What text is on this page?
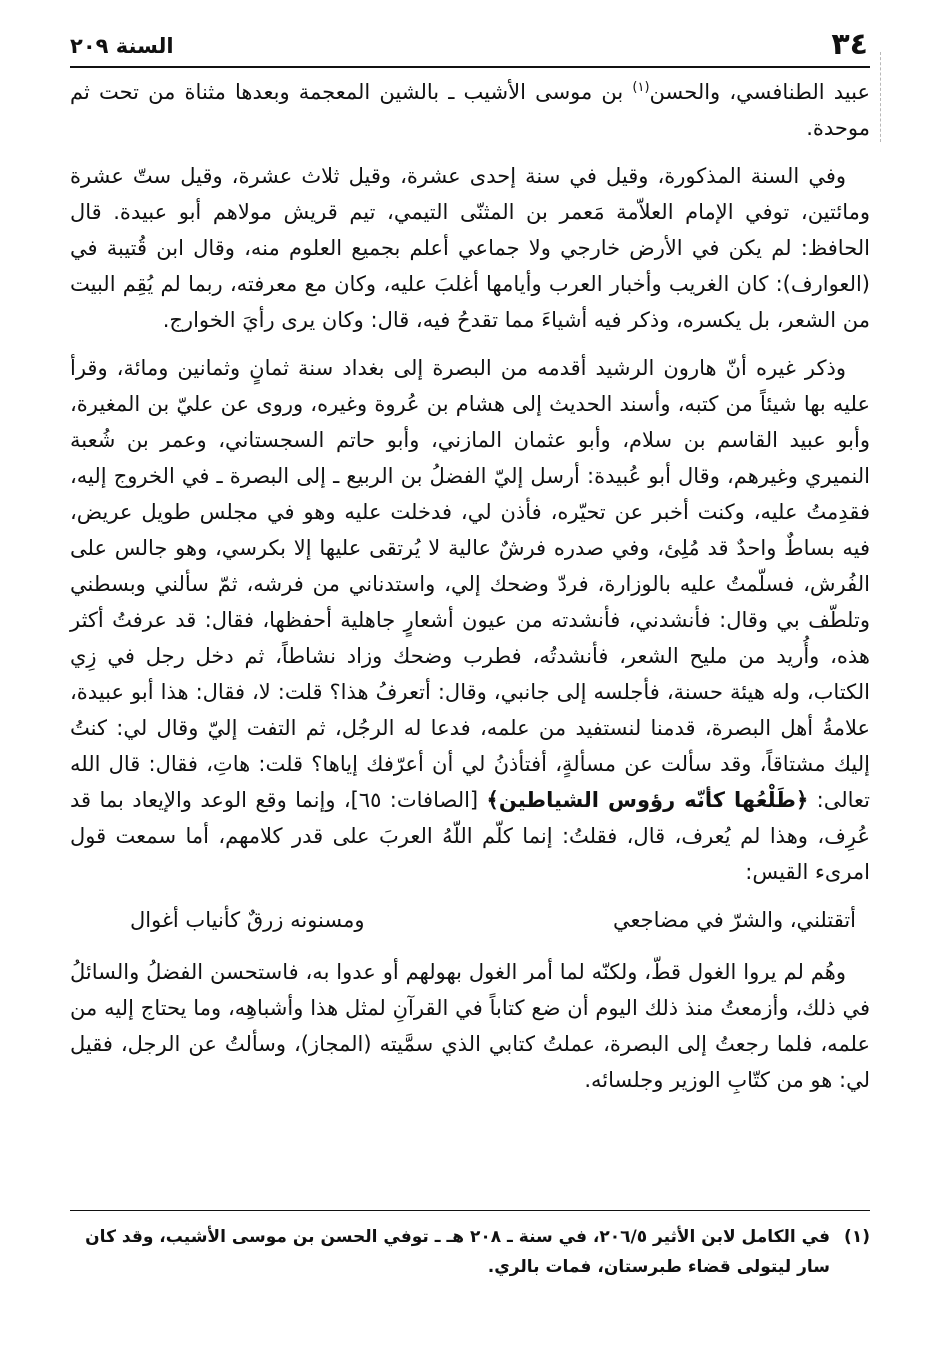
٣٤
السنة ٢٠٩

عبيد الطنافسي، والحسن$^{(١)}$ بن موسى الأشيب ـ بالشين المعجمة وبعدها مثناة من تحت ثم موحدة.

وفي السنة المذكورة، وقيل في سنة إحدى عشرة، وقيل ثلاث عشرة، وقيل ستّ عشرة ومائتين، توفي الإمام العلاّمة مَعمر بن المثنّى التيمي، تيم قريش مولاهم أبو عبيدة. قال الحافظ: لم يكن في الأرض خارجي ولا جماعي أعلم بجميع العلوم منه، وقال ابن قُتيبة في (العوارف): كان الغريب وأخبار العرب وأيامها أغلبَ عليه، وكان مع معرفته، ربما لم يُقِم البيت من الشعر، بل يكسره، وذكر فيه أشياءَ مما تقدحُ فيه، قال: وكان يرى رأيَ الخوارج.

وذكر غيره أنّ هارون الرشيد أقدمه من البصرة إلى بغداد سنة ثمانٍ وثمانين ومائة، وقرأ عليه بها شيئاً من كتبه، وأسند الحديث إلى هشام بن عُروة وغيره، وروى عن عليّ بن المغيرة، وأبو عبيد القاسم بن سلام، وأبو عثمان المازني، وأبو حاتم السجستاني، وعمر بن شُعبة النميري وغيرهم، وقال أبو عُبيدة: أرسل إليّ الفضلُ بن الربيع ـ إلى البصرة ـ في الخروج إليه، فقدِمتُ عليه، وكنت أخبر عن تحيّره، فأذن لي، فدخلت عليه وهو في مجلس طويل عريض، فيه بساطٌ واحدٌ قد مُلِئ، وفي صدره فرشٌ عالية لا يُرتقى عليها إلا بكرسي، وهو جالس على الفُرش، فسلّمتُ عليه بالوزارة، فردّ وضحك إلي، واستدناني من فرشه، ثمّ سألني وبسطني وتلطّف بي وقال: فأنشدني، فأنشدته من عيون أشعارٍ جاهلية أحفظها، فقال: قد عرفتُ أكثر هذه، وأُريد من مليح الشعر، فأنشدتُه، فطرب وضحك وزاد نشاطاً، ثم دخل رجل في زِي الكتاب، وله هيئة حسنة، فأجلسه إلى جانبي، وقال: أتعرفُ هذا؟ قلت: لا، فقال: هذا أبو عبيدة، علامةُ أهل البصرة، قدمنا لنستفيد من علمه، فدعا له الرجُل، ثم التفت إليّ وقال لي: كنتُ إليك مشتاقاً، وقد سألت عن مسألةٍ، أفتأذنُ لي أن أعرّفك إياها؟ قلت: هاتِ، فقال: قال الله تعالى: ﴿طَلْعُها كأنّه رؤوس الشياطين﴾ [الصافات: ٦٥]، وإنما وقع الوعد والإيعاد بما قد عُرِف، وهذا لم يُعرف، قال، فقلتُ: إنما كلّم اللّهُ العربَ على قدر كلامهم، أما سمعت قول امرىء القيس:

أتقتلني، والشرّ في مضاجعي
ومسنونه زرقٌ كأنياب أغوال

وهُم لم يروا الغول قطّ، ولكنّه لما أمر الغول بهولهم أو عدوا به، فاستحسن الفضلُ والسائلُ في ذلك، وأزمعتُ منذ ذلك اليوم أن ضع كتاباً في القرآنِ لمثل هذا وأشباهِه، وما يحتاج إليه من علمه، فلما رجعتُ إلى البصرة، عملتُ كتابي الذي سمَّيته (المجاز)، وسألتُ عن الرجل، فقيل لي: هو من كتّابِ الوزير وجلسائه.

(١)
في الكامل لابن الأثير ٢٠٦/٥، في سنة ـ ٢٠٨ هـ ـ توفي الحسن بن موسى الأشيب، وقد كان سار ليتولى قضاء طبرستان، فمات بالري.
